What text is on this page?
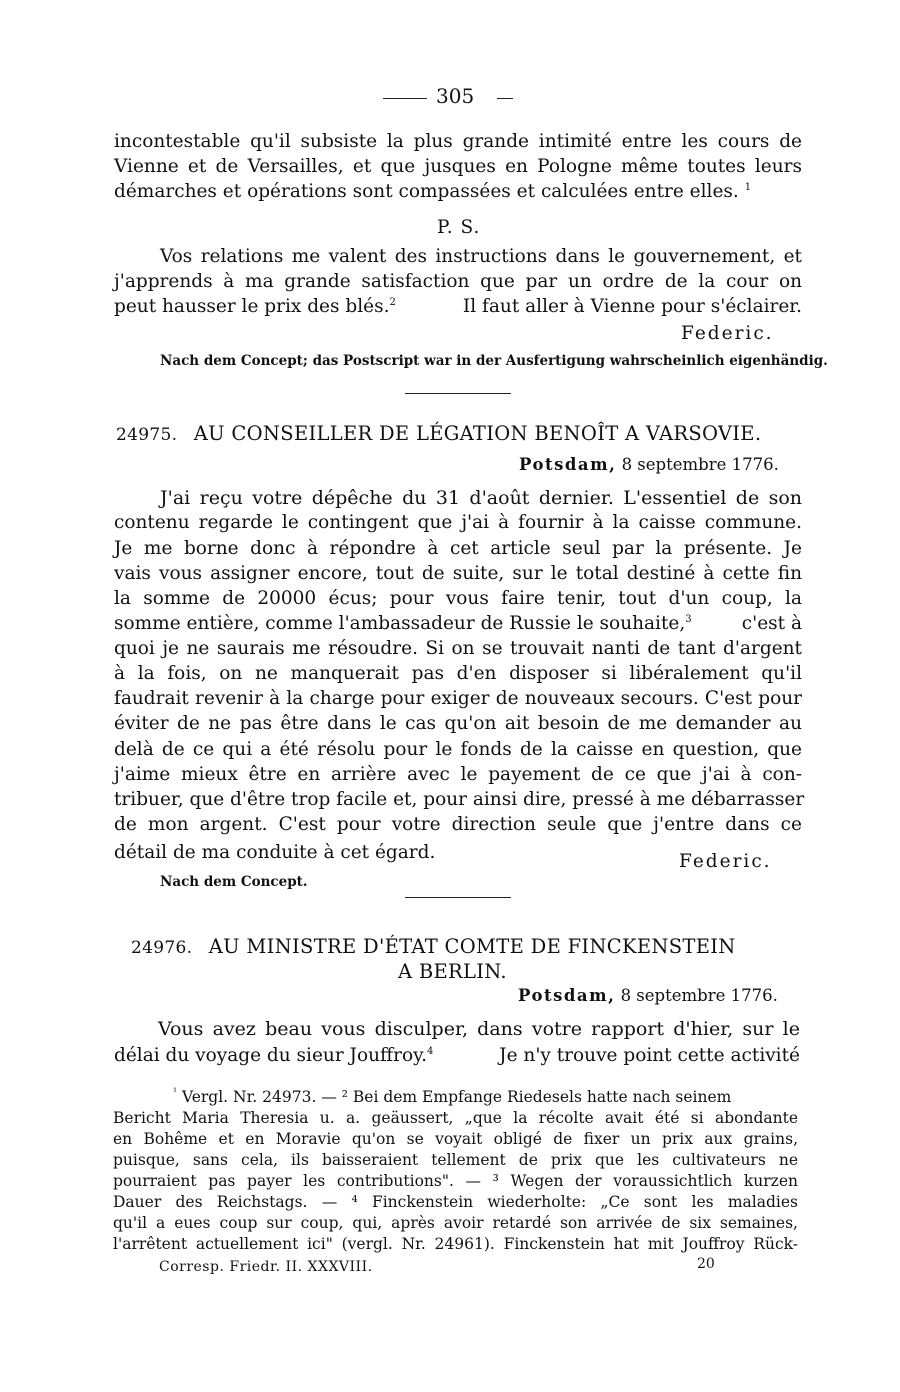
305
incontestable qu'il subsiste la plus grande intimité entre les cours de
Vienne et de Versailles, et que jusques en Pologne même toutes leurs
démarches et opérations sont compassées et calculées entre elles. $^1$
P. S.
Vos relations me valent des instructions dans le gouvernement, et
j'apprends à ma grande satisfaction que par un ordre de la cour on
peut hausser le prix des blés.$^2$	Il faut aller à Vienne pour s'éclairer.
Federic.
Nach dem Concept; das Postscript war in der Ausfertigung wahrscheinlich eigenhändig.
24975. AU CONSEILLER DE LÉGATION BENOÎT A VARSOVIE.
Potsdam, 8 septembre 1776.
J'ai reçu votre dépêche du 31 d'août dernier. L'essentiel de son
contenu regarde le contingent que j'ai à fournir à la caisse commune.
Je me borne donc à répondre à cet article seul par la présente. Je
vais vous assigner encore, tout de suite, sur le total destiné à cette fin
la somme de 20000 écus; pour vous faire tenir, tout d'un coup, la
somme entière, comme l'ambassadeur de Russie le souhaite,$^3$	c'est à
quoi je ne saurais me résoudre. Si on se trouvait nanti de tant d'argent
à la fois, on ne manquerait pas d'en disposer si libéralement qu'il
faudrait revenir à la charge pour exiger de nouveaux secours. C'est pour
éviter de ne pas être dans le cas qu'on ait besoin de me demander au
delà de ce qui a été résolu pour le fonds de la caisse en question, que
j'aime mieux être en arrière avec le payement de ce que j'ai à con-
tribuer, que d'être trop facile et, pour ainsi dire, pressé à me débarrasser
de mon argent. C'est pour votre direction seule que j'entre dans ce
détail de ma conduite à cet égard.	Federic.
Nach dem Concept.
24976. AU MINISTRE D'ÉTAT COMTE DE FINCKENSTEIN
A BERLIN.
Potsdam, 8 septembre 1776.
Vous avez beau vous disculper, dans votre rapport d'hier, sur le
délai du voyage du sieur Jouffroy.$^4$	Je n'y trouve point cette activité
$^{^1}$ Vergl. Nr. 24973. — ² Bei dem Empfange Riedesels hatte nach seinem
Bericht Maria Theresia u. a. geäussert, „que la récolte avait été si abondante
en Bohême et en Moravie qu'on se voyait obligé de fixer un prix aux grains,
puisque, sans cela, ils baisseraient tellement de prix que les cultivateurs ne
pourraient pas payer les contributions". — ³ Wegen der voraussichtlich kurzen
Dauer des Reichstags. — ⁴ Finckenstein wiederholte: „Ce sont les maladies
qu'il a eues coup sur coup, qui, après avoir retardé son arrivée de six semaines,
l'arrêtent actuellement ici" (vergl. Nr. 24961). Finckenstein hat mit Jouffroy Rück-
Corresp. Friedr. II. XXXVIII.	20
